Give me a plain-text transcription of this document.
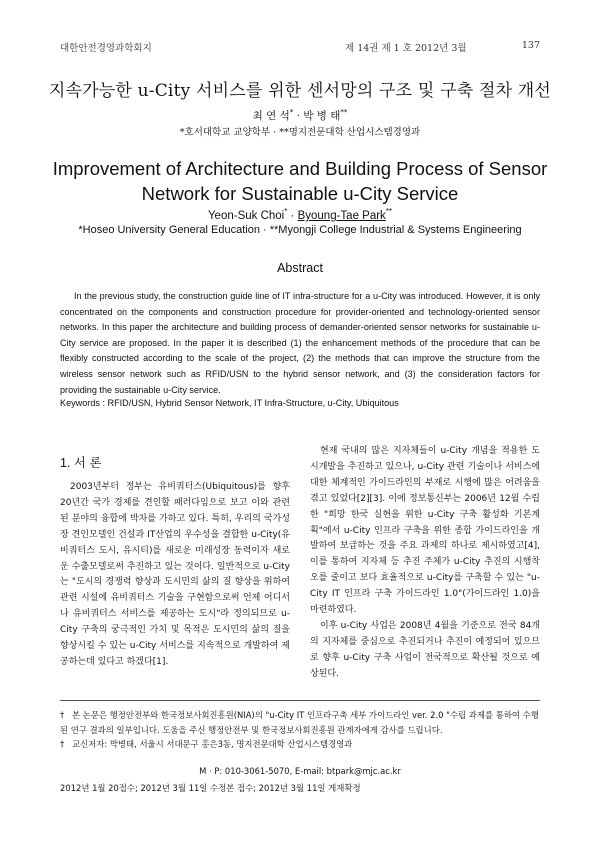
대한안전경영과학회지	제 14권 제 1 호 2012년 3월	137
지속가능한 u-City 서비스를 위한 센서망의 구조 및 구축 절차 개선
최 연 석* · 박 병 태**
*호서대학교 교양학부 · **명지전문대학 산업시스템경영과
Improvement of Architecture and Building Process of Sensor
Network for Sustainable u-City Service
Yeon-Suk Choi* · Byoung-Tae Park**
*Hoseo University General Education · **Myongji College Industrial & Systems Engineering
Abstract
In the previous study, the construction guide line of IT infra-structure for a u-City was introduced. However, it is only concentrated on the components and construction procedure for provider-oriented and technology-oriented sensor networks. In this paper the architecture and building process of demander-oriented sensor networks for sustainable u-City service are proposed. In the paper it is described (1) the enhancement methods of the procedure that can be flexibly constructed according to the scale of the project, (2) the methods that can improve the structure from the wireless sensor network such as RFID/USN to the hybrid sensor network, and (3) the consideration factors for providing the sustainable u-City service.
Keywords : RFID/USN, Hybrid Sensor Network, IT Infra-Structure, u-City, Ubiquitous
1. 서 론

2003년부터 정부는 유비쿼터스(Ubiquitous)를 향후 20년간 국가 경제를 견인할 패러다임으로 보고 이와 관련된 분야의 융합에 박차를 가하고 있다. 특히, 우리의 국가성장 견인모델인 건설과 IT산업의 우수성을 결합한 u-City(유비쿼터스 도시, 유시티)를 새로운 미래성장 동력이자 새로운 수출모델로써 추진하고 있는 것이다. 일반적으로 u-City는 "도시의 경쟁력 향상과 도시민의 삶의 질 향상을 위하여 관련 시설에 유비쿼터스 기술을 구현함으로써 언제 어디서나 유비쿼터스 서비스를 제공하는 도시"라 정의되므로 u-City 구축의 궁극적인 가치 및 목적은 도시민의 삶의 질을 향상시킬 수 있는 u-City 서비스를 지속적으로 개발하여 제공하는데 있다고 하겠다[1].

현재 국내의 많은 지자체들이 u-City 개념을 적용한 도시개발을 추진하고 있으나, u-City 관련 기술이나 서비스에 대한 체계적인 가이드라인의 부재로 시행에 많은 어려움을 겪고 있었다[2][3]. 이에 정보통신부는 2006년 12월 수립한 "희망 한국 실현을 위한 u-City 구축 활성화 기본계획"에서 u-City 인프라 구축을 위한 종합 가이드라인을 개발하여 보급하는 것을 주요 과제의 하나로 제시하였고[4], 이를 통하여 지자체 등 추진 주체가 u-City 추진의 시행착오를 줄이고 보다 효율적으로 u-City를 구축할 수 있는 "u-City IT 인프라 구축 가이드라인 1.0"(가이드라인 1.0)을 마련하였다.

이후 u-City 사업은 2008년 4월을 기준으로 전국 84개의 지자체를 중심으로 추진되거나 추진이 예정되어 있으므로 향후 u-City 구축 사업이 전국적으로 확산될 것으로 예상된다.

† 본 논문은 행정안전부와 한국정보사회진흥원(NIA)의 "u-City IT 인프라구축 세부 가이드라인 ver. 2.0 "수립 과제를 통하여 수행된 연구 결과의 일부입니다. 도움을 주신 행정안전부 및 한국정보사회진흥원 관계자에게 감사를 드립니다.
† 교신저자: 박병태, 서울시 서대문구 홍은3동, 명지전문대학 산업시스템경영과
M · P: 010-3061-5070, E-mail: btpark@mjc.ac.kr
2012년 1월 20접수; 2012년 3월 11일 수정본 접수; 2012년 3월 11일 게재확정
